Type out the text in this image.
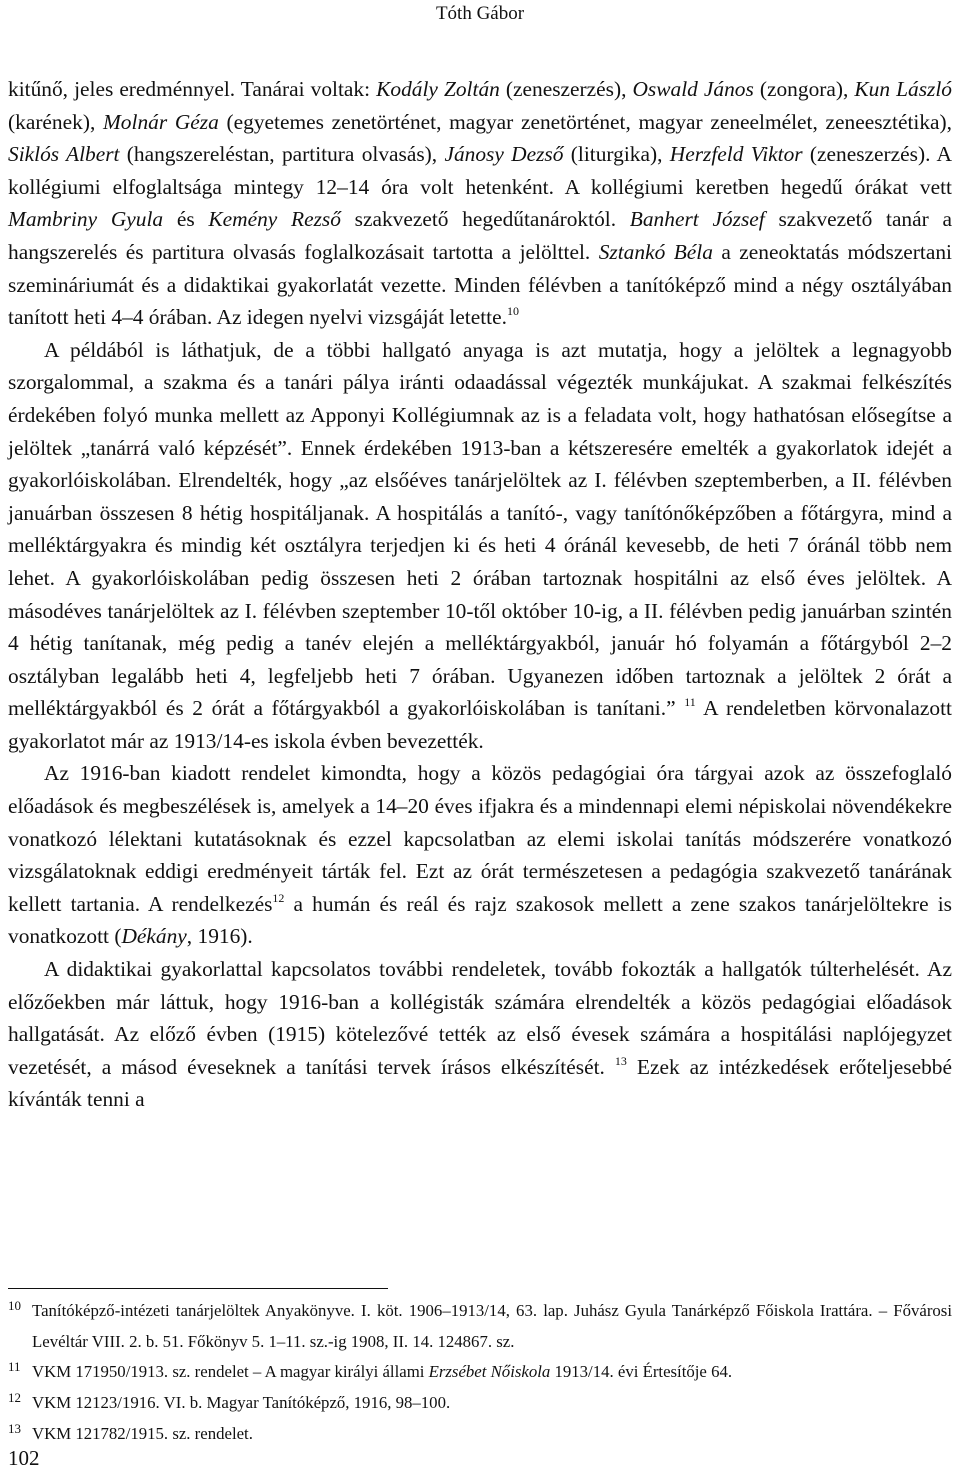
Tóth Gábor

kitűnő, jeles eredménnyel. Tanárai voltak: Kodály Zoltán (zeneszerzés), Oswald János (zongora), Kun László (karének), Molnár Géza (egyetemes zenetörténet, magyar zenetörténet, magyar zeneelmélet, zeneesztétika), Siklós Albert (hangszereléstan, partitura olvasás), Jánosy Dezső (liturgika), Herzfeld Viktor (zeneszerzés). A kollégiumi elfoglaltsága mintegy 12–14 óra volt hetenként. A kollégiumi keretben hegedű órákat vett Mambriny Gyula és Kemény Rezső szakvezető hegedűtanároktól. Banhert József szakvezető tanár a hangszerelés és partitura olvasás foglalkozásait tartotta a jelölttel. Sztankó Béla a zeneoktatás módszertani szemináriumát és a didaktikai gyakorlatát vezette. Minden félévben a tanítóképző mind a négy osztályában tanított heti 4–4 órában. Az idegen nyelvi vizsgáját letette.$^{10}$

A példából is láthatjuk, de a többi hallgató anyaga is azt mutatja, hogy a jelöltek a legnagyobb szorgalommal, a szakma és a tanári pálya iránti odaadással végezték munkájukat. A szakmai felkészítés érdekében folyó munka mellett az Apponyi Kollégiumnak az is a feladata volt, hogy hathatósan elősegítse a jelöltek „tanárrá való képzését”. Ennek érdekében 1913-ban a kétszeresére emelték a gyakorlatok idejét a gyakorlóiskolában. Elrendelték, hogy „az elsőéves tanárjelöltek az I. félévben szeptemberben, a II. félévben januárban összesen 8 hétig hospitáljanak. A hospitálás a tanító-, vagy tanítónőképzőben a főtárgyra, mind a melléktárgyakra és mindig két osztályra terjedjen ki és heti 4 óránál kevesebb, de heti 7 óránál több nem lehet. A gyakorlóiskolában pedig összesen heti 2 órában tartoznak hospitálni az első éves jelöltek. A másodéves tanárjelöltek az I. félévben szeptember 10-től október 10-ig, a II. félévben pedig januárban szintén 4 hétig tanítanak, még pedig a tanév elején a melléktárgyakból, január hó folyamán a főtárgyból 2–2 osztályban legalább heti 4, legfeljebb heti 7 órában. Ugyanezen időben tartoznak a jelöltek 2 órát a melléktárgyakból és 2 órát a főtárgyakból a gyakorlóiskolában is tanítani.” $^{11}$ A rendeletben körvonalazott gyakorlatot már az 1913/14-es iskola évben bevezették.

Az 1916-ban kiadott rendelet kimondta, hogy a közös pedagógiai óra tárgyai azok az összefoglaló előadások és megbeszélések is, amelyek a 14–20 éves ifjakra és a mindennapi elemi népiskolai növendékekre vonatkozó lélektani kutatásoknak és ezzel kapcsolatban az elemi iskolai tanítás módszerére vonatkozó vizsgálatoknak eddigi eredményeit tárták fel. Ezt az órát természetesen a pedagógia szakvezető tanárának kellett tartania. A rendelkezés$^{12}$ a humán és reál és rajz szakosok mellett a zene szakos tanárjelöltekre is vonatkozott (Dékány, 1916).

A didaktikai gyakorlattal kapcsolatos további rendeletek, tovább fokozták a hallgatók túlterhelését. Az előzőekben már láttuk, hogy 1916-ban a kollégisták számára elrendelték a közös pedagógiai előadások hallgatását. Az előző évben (1915) kötelezővé tették az első évesek számára a hospitálási naplójegyzet vezetését, a másod éveseknek a tanítási tervek írásos elkészítését. $^{13}$ Ezek az intézkedések erőteljesebbé kívánták tenni a

10 Tanítóképző-intézeti tanárjelöltek Anyakönyve. I. köt. 1906–1913/14, 63. lap. Juhász Gyula Tanárképző Főiskola Irattára. – Fővárosi Levéltár VIII. 2. b. 51. Főkönyv 5. 1–11. sz.-ig 1908, II. 14. 124867. sz.

11 VKM 171950/1913. sz. rendelet – A magyar királyi állami Erzsébet Nőiskola 1913/14. évi Értesítője 64.

12 VKM 12123/1916. VI. b. Magyar Tanítóképző, 1916, 98–100.

13 VKM 121782/1915. sz. rendelet.

102
